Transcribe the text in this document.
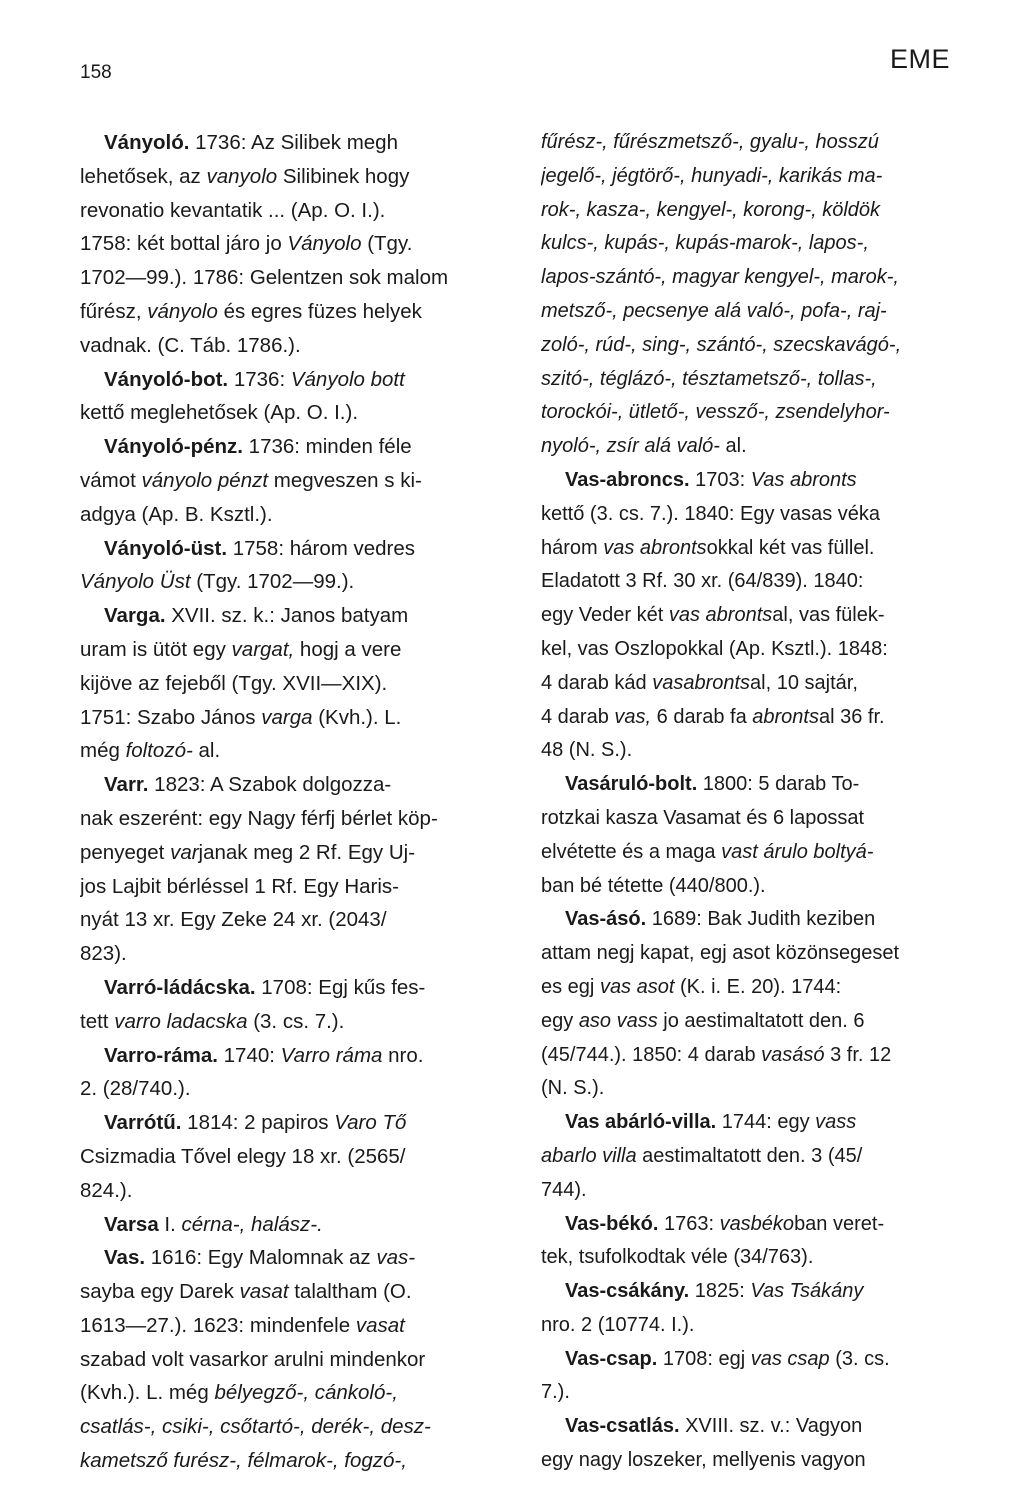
158	EME
Ványoló. 1736: Az Silibek megh
lehetősek, az vanyolo Silibinek hogy
revonatio kevantatik ... (Ap. O. I.).
1758: két bottal járo jo Ványolo (Tgy.
1702—99.). 1786: Gelentzen sok malom
fűrész, ványolo és egres füzes helyek
vadnak. (C. Táb. 1786.).
Ványoló-bot. 1736: Ványolo bott
kettő meglehetősek (Ap. O. I.).
Ványoló-pénz. 1736: minden féle
vámot ványolo pénzt megveszen s ki-
adgya (Ap. B. Ksztl.).
Ványoló-üst. 1758: három vedres
Ványolo Üst (Tgy. 1702—99.).
Varga. XVII. sz. k.: Janos batyam
uram is ütöt egy vargat, hogj a vere
kijöve az fejeből (Tgy. XVII—XIX).
1751: Szabo János varga (Kvh.). L.
még foltozó- al.
Varr. 1823: A Szabok dolgozza-
nak eszerént: egy Nagy férfj bérlet köp-
penyeget varjanak meg 2 Rf. Egy Uj-
jos Lajbit bérléssel 1 Rf. Egy Haris-
nyát 13 xr. Egy Zeke 24 xr. (2043/
823).
Varró-ládácska. 1708: Egj kűs fes-
tett varro ladacska (3. cs. 7.).
Varro-ráma. 1740: Varro ráma nro.
2. (28/740.).
Varrótű. 1814: 2 papiros Varo Tő
Csizmadia Tővel elegy 18 xr. (2565/
824.).
Varsa I. cérna-, halász-.
Vas. 1616: Egy Malomnak az vas-
sayba egy Darek vasat talaltham (O.
1613—27.). 1623: mindenfele vasat
szabad volt vasarkor arulni mindenkor
(Kvh.). L. még bélyegző-, cánkoló-,
csatlás-, csiki-, csőtartó-, derék-, desz-
kametsző furész-, félmarok-, fogzó-,
fűrész-, fűrészmetsző-, gyalu-, hosszú
jegelő-, jégtörő-, hunyadi-, karikás ma-
rok-, kasza-, kengyel-, korong-, köldök
kulcs-, kupás-, kupás-marok-, lapos-,
lapos-szántó-, magyar kengyel-, marok-,
metsző-, pecsenye alá való-, pofa-, raj-
zoló-, rúd-, sing-, szántó-, szecskavágó-,
szitó-, téglázó-, tésztametsző-, tollas-,
torockói-, ütlető-, vessző-, zsendelyhor-
nyoló-, zsír alá való- al.
Vas-abroncs. 1703: Vas abronts
kettő (3. cs. 7.). 1840: Egy vasas véka
három vas abrontsokkal két vas füllel.
Eladatott 3 Rf. 30 xr. (64/839). 1840:
egy Veder két vas abrontsal, vas fülek-
kel, vas Oszlopokkal (Ap. Ksztl.). 1848:
4 darab kád vasabrontsal, 10 sajtár,
4 darab vas, 6 darab fa abrontsal 36 fr.
48 (N. S.).
Vasáruló-bolt. 1800: 5 darab To-
rotzkai kasza Vasamat és 6 lapossat
elvétette és a maga vast árulo boltyá-
ban bé tétette (440/800.).
Vas-ásó. 1689: Bak Judith keziben
attam negj kapat, egj asot közönsegeset
es egj vas asot (K. i. E. 20). 1744:
egy aso vass jo aestimaltatott den. 6
(45/744.). 1850: 4 darab vasásó 3 fr. 12
(N. S.).
Vas abárló-villa. 1744: egy vass
abarlo villa aestimaltatott den. 3 (45/
744).
Vas-békó. 1763: vasbékoban veret-
tek, tsufolkodtak véle (34/763).
Vas-csákány. 1825: Vas Tsákány
nro. 2 (10774. I.).
Vas-csap. 1708: egj vas csap (3. cs.
7.).
Vas-csatlás. XVIII. sz. v.: Vagyon
egy nagy loszeker, mellyenis vagyon
